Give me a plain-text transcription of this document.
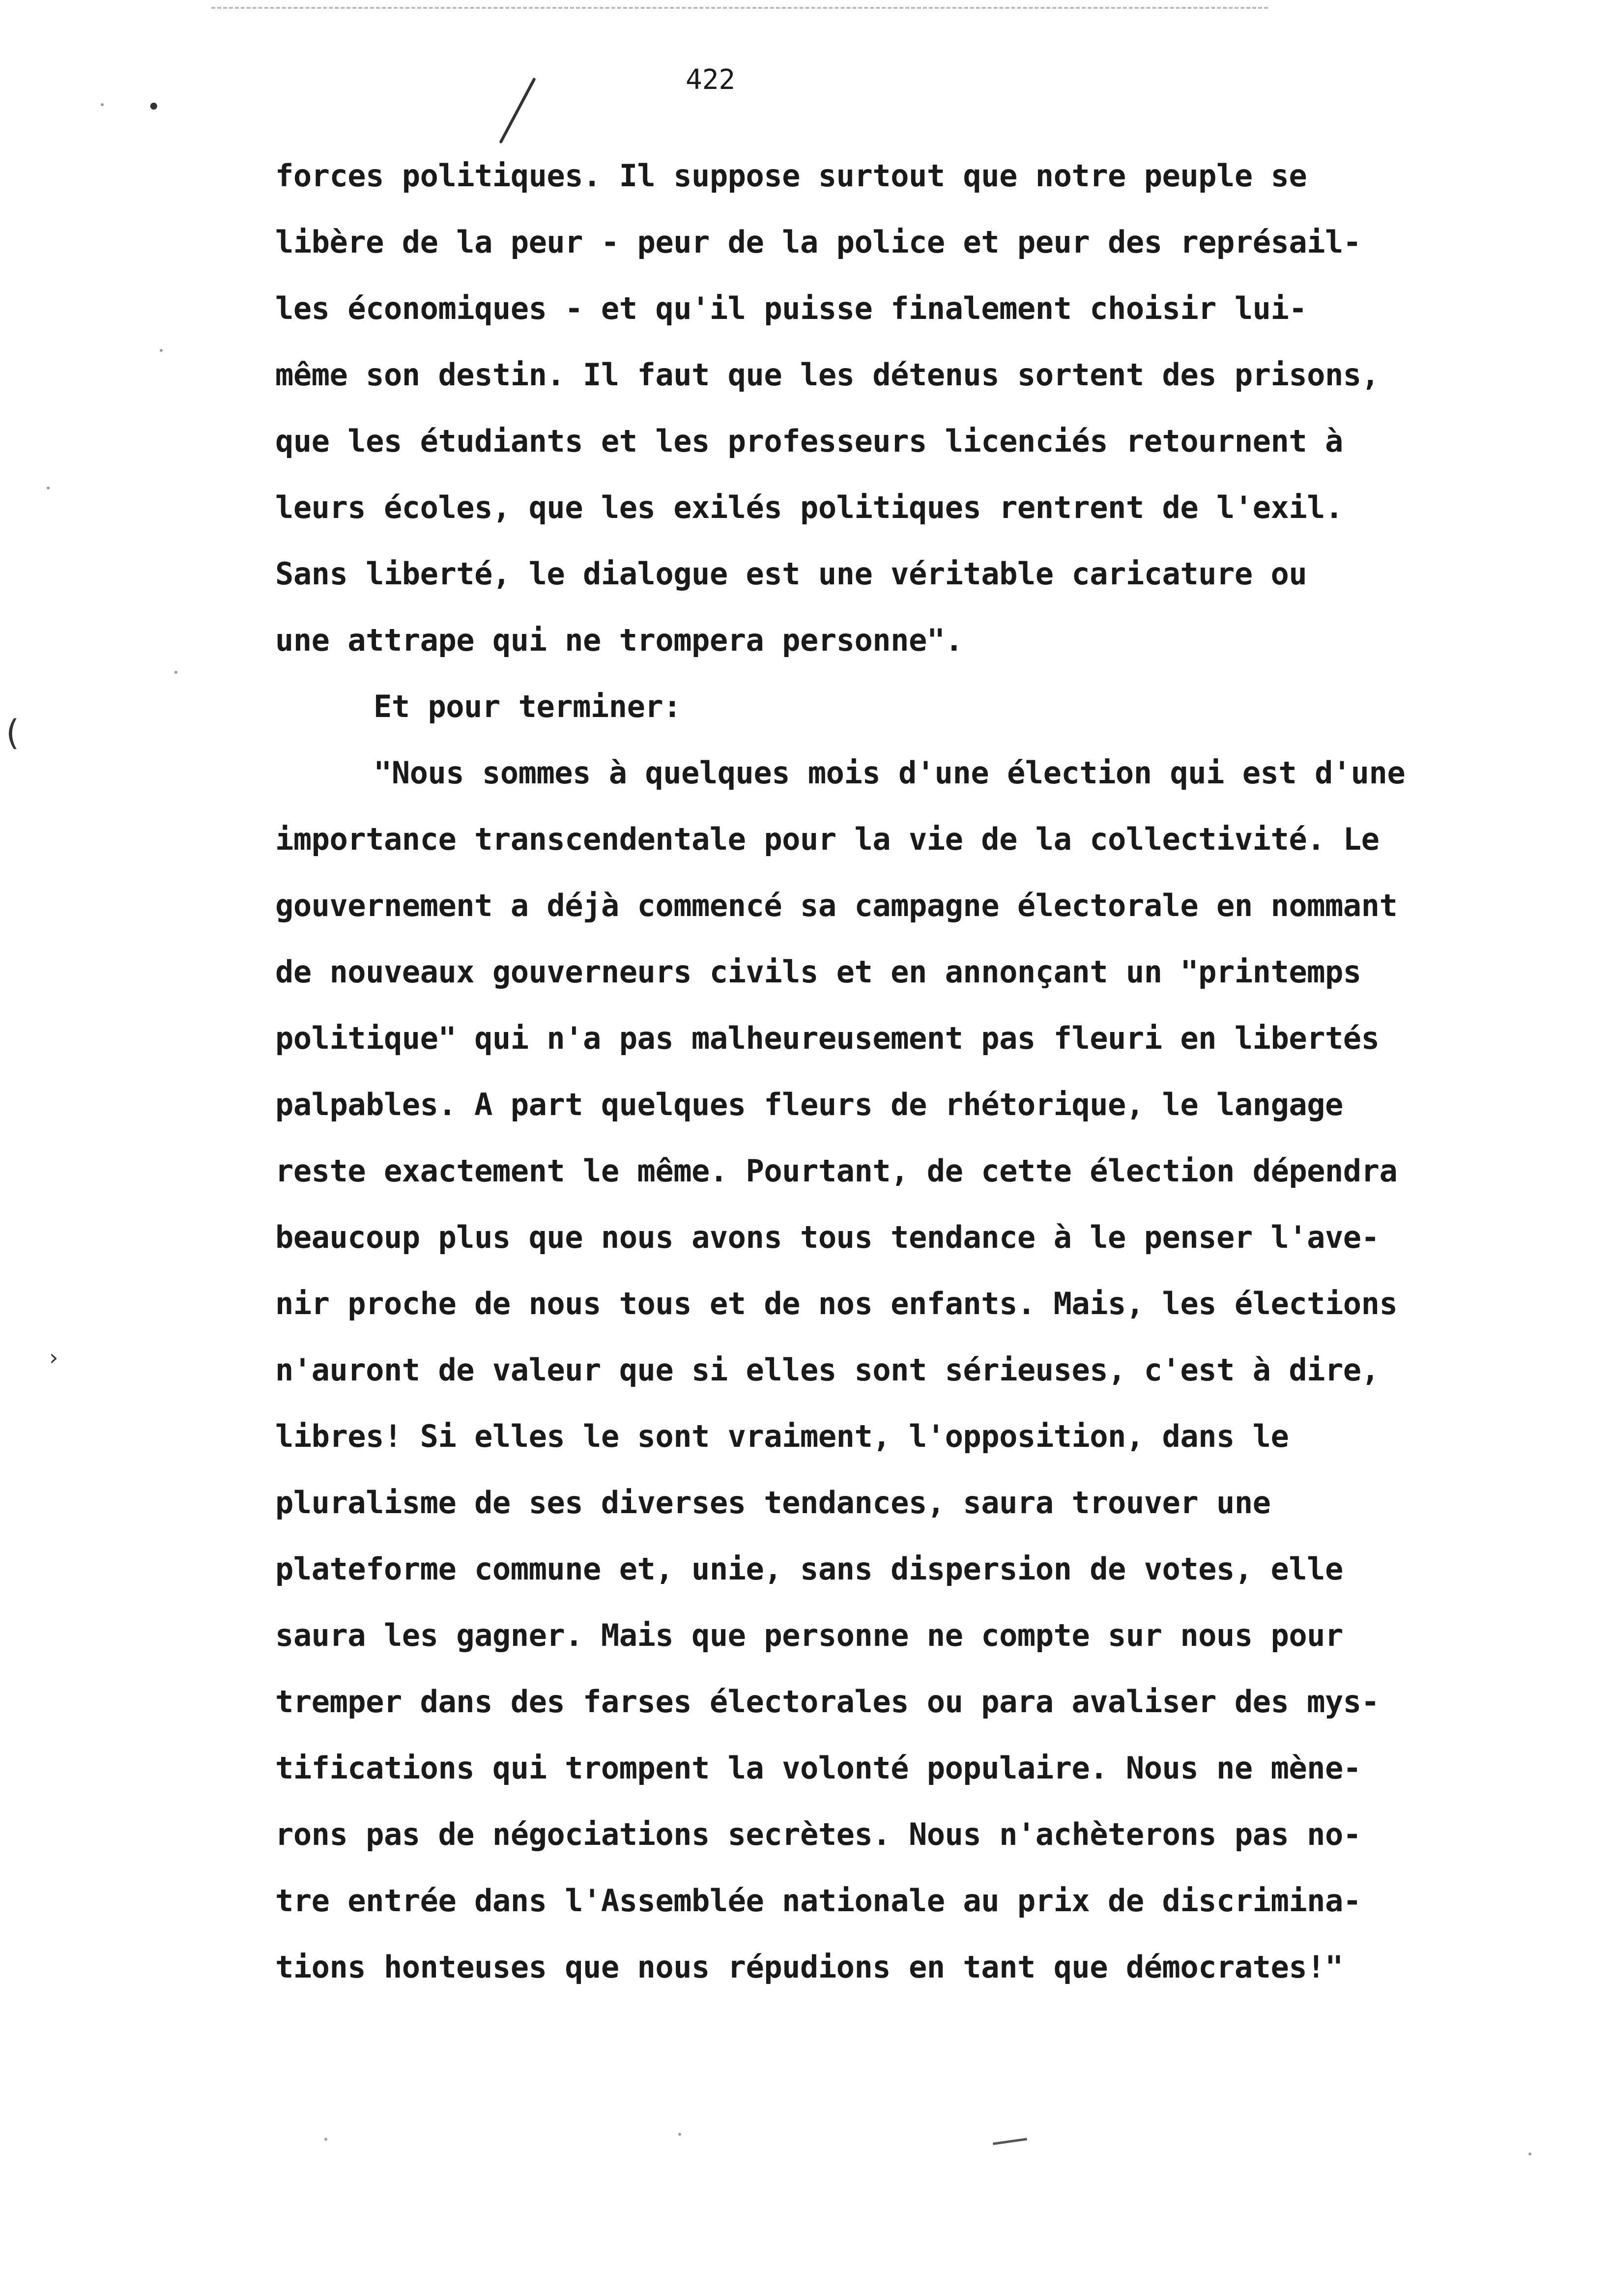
422
•
(
›
forces politiques. Il suppose surtout que notre peuple se
libère de la peur - peur de la police et peur des représail-
les économiques - et qu'il puisse finalement choisir lui-
même son destin. Il faut que les détenus sortent des prisons,
que les étudiants et les professeurs licenciés retournent à
leurs écoles, que les exilés politiques rentrent de l'exil.
Sans liberté, le dialogue est une véritable caricature ou
une attrape qui ne trompera personne".
Et pour terminer:
"Nous sommes à quelques mois d'une élection qui est d'une
importance transcendentale pour la vie de la collectivité. Le
gouvernement a déjà commencé sa campagne électorale en nommant
de nouveaux gouverneurs civils et en annonçant un "printemps
politique" qui n'a pas malheureusement pas fleuri en libertés
palpables. A part quelques fleurs de rhétorique, le langage
reste exactement le même. Pourtant, de cette élection dépendra
beaucoup plus que nous avons tous tendance à le penser l'ave-
nir proche de nous tous et de nos enfants. Mais, les élections
n'auront de valeur que si elles sont sérieuses, c'est à dire,
libres! Si elles le sont vraiment, l'opposition, dans le
pluralisme de ses diverses tendances, saura trouver une
plateforme commune et, unie, sans dispersion de votes, elle
saura les gagner. Mais que personne ne compte sur nous pour
tremper dans des farses électorales ou para avaliser des mys-
tifications qui trompent la volonté populaire. Nous ne mène-
rons pas de négociations secrètes. Nous n'achèterons pas no-
tre entrée dans l'Assemblée nationale au prix de discrimina-
tions honteuses que nous répudions en tant que démocrates!"
